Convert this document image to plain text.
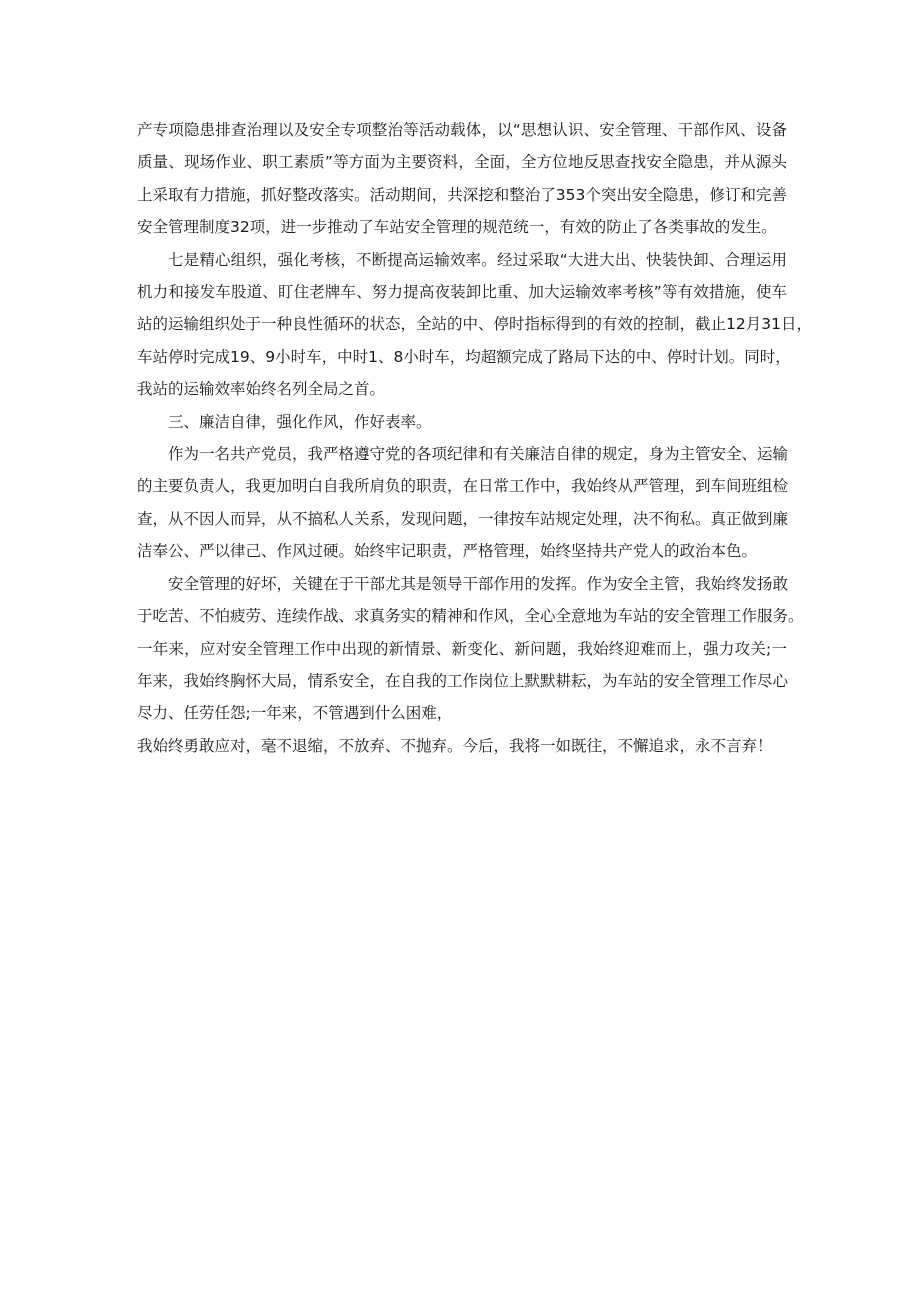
产专项隐患排查治理以及安全专项整治等活动载体，以“思想认识、安全管理、干部作风、设备
质量、现场作业、职工素质”等方面为主要资料，全面，全方位地反思查找安全隐患，并从源头
上采取有力措施，抓好整改落实。活动期间，共深挖和整治了353个突出安全隐患，修订和完善
安全管理制度32项，进一步推动了车站安全管理的规范统一，有效的防止了各类事故的发生。

七是精心组织，强化考核，不断提高运输效率。经过采取“大进大出、快装快卸、合理运用
机力和接发车股道、盯住老牌车、努力提高夜装卸比重、加大运输效率考核”等有效措施，使车
站的运输组织处于一种良性循环的状态，全站的中、停时指标得到的有效的控制，截止12月31日，
车站停时完成19、9小时车，中时1、8小时车，均超额完成了路局下达的中、停时计划。同时，
我站的运输效率始终名列全局之首。

三、廉洁自律，强化作风，作好表率。

作为一名共产党员，我严格遵守党的各项纪律和有关廉洁自律的规定，身为主管安全、运输
的主要负责人，我更加明白自我所肩负的职责，在日常工作中，我始终从严管理，到车间班组检
查，从不因人而异，从不搞私人关系，发现问题，一律按车站规定处理，决不徇私。真正做到廉
洁奉公、严以律己、作风过硬。始终牢记职责，严格管理，始终坚持共产党人的政治本色。

安全管理的好坏，关键在于干部尤其是领导干部作用的发挥。作为安全主管，我始终发扬敢
于吃苦、不怕疲劳、连续作战、求真务实的精神和作风，全心全意地为车站的安全管理工作服务。
一年来，应对安全管理工作中出现的新情景、新变化、新问题，我始终迎难而上，强力攻关;一
年来，我始终胸怀大局，情系安全，在自我的工作岗位上默默耕耘，为车站的安全管理工作尽心
尽力、任劳任怨;一年来，不管遇到什么困难，

我始终勇敢应对，毫不退缩，不放弃、不抛弃。今后，我将一如既往，不懈追求，永不言弃！
